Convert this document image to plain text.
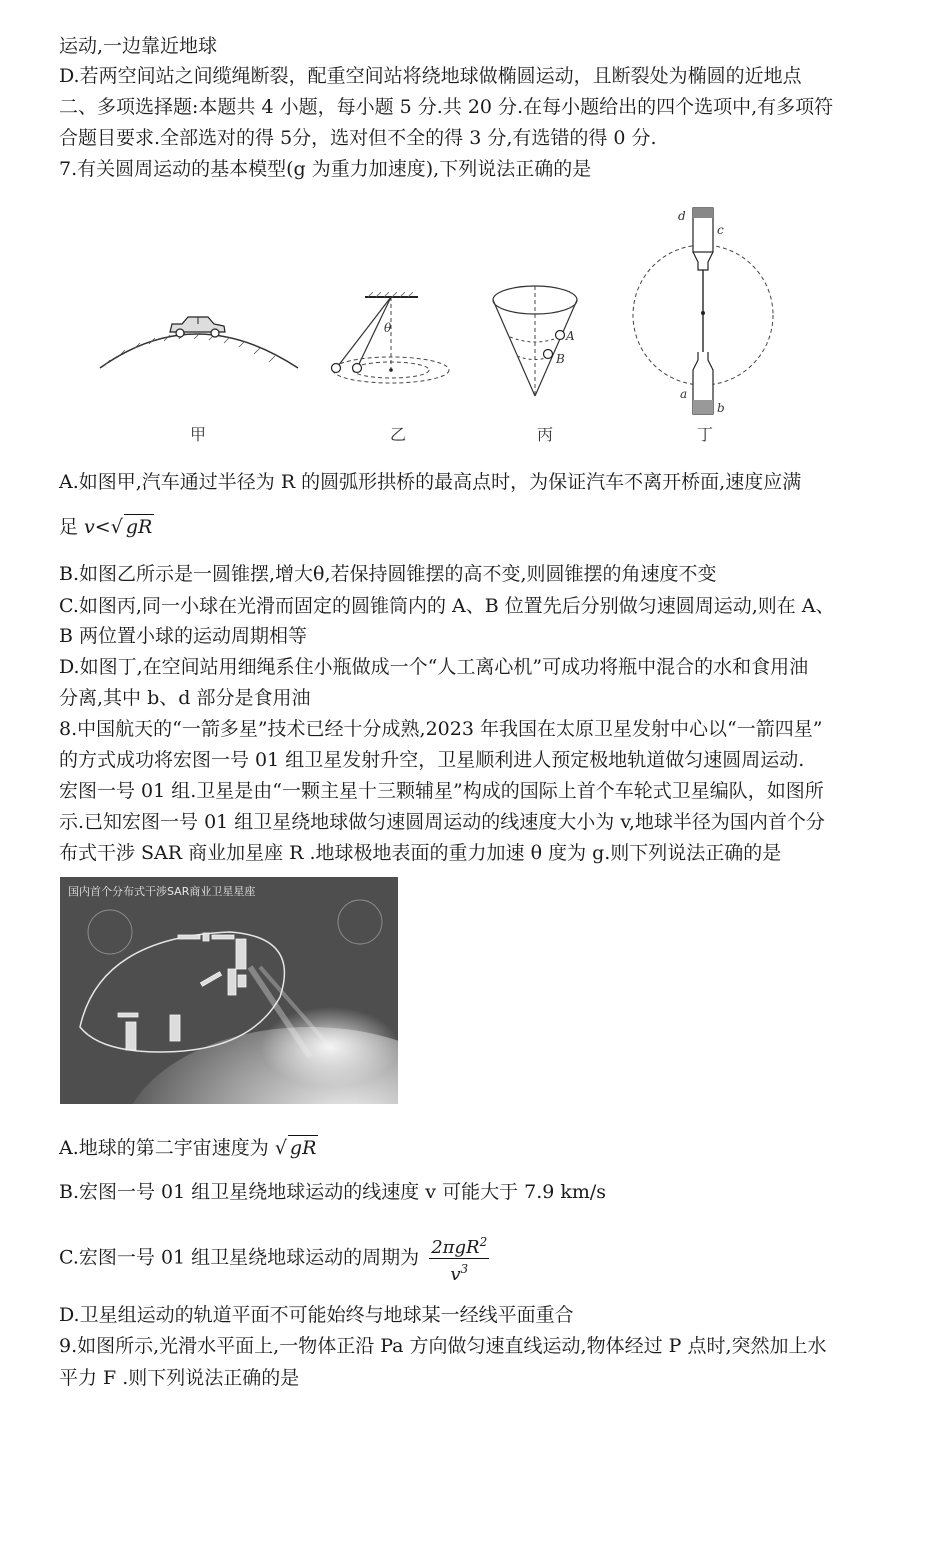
运动,一边靠近地球
D.若两空间站之间缆绳断裂，配重空间站将绕地球做椭圆运动，且断裂处为椭圆的近地点
二、多项选择题:本题共 4 小题，每小题 5 分.共 20 分.在每小题给出的四个选项中,有多项符
合题目要求.全部选对的得 5分，选对但不全的得 3 分,有选错的得 0 分.
7.有关圆周运动的基本模型(g 为重力加速度),下列说法正确的是
θ
A
B
d
c
a
b
甲	乙	丙	丁
A.如图甲,汽车通过半径为 R 的圆弧形拱桥的最高点时，为保证汽车不离开桥面,速度应满
足 v<√ gR
B.如图乙所示是一圆锥摆,增大θ,若保持圆锥摆的高不变,则圆锥摆的角速度不变
C.如图丙,同一小球在光滑而固定的圆锥筒内的 A、B 位置先后分别做匀速圆周运动,则在 A、
B 两位置小球的运动周期相等
D.如图丁,在空间站用细绳系住小瓶做成一个“人工离心机”可成功将瓶中混合的水和食用油
分离,其中 b、d 部分是食用油
8.中国航天的“一箭多星”技术已经十分成熟,2023 年我国在太原卫星发射中心以“一箭四星”
的方式成功将宏图一号 01 组卫星发射升空，卫星顺利进人预定极地轨道做匀速圆周运动.
宏图一号 01 组.卫星是由“一颗主星十三颗辅星”构成的国际上首个车轮式卫星编队，如图所
示.已知宏图一号 01 组卫星绕地球做匀速圆周运动的线速度大小为 v,地球半径为国内首个分
布式干涉 SAR 商业加星座 R .地球极地表面的重力加速 θ 度为 g.则下列说法正确的是
国内首个分布式干涉SAR商业卫星星座
A.地球的第二宇宙速度为 √ gR
B.宏图一号 01 组卫星绕地球运动的线速度 v 可能大于 7.9 km/s
C.宏图一号 01 组卫星绕地球运动的周期为 $\frac{2\pi gR^2}{v^3}$
D.卫星组运动的轨道平面不可能始终与地球某一经线平面重合
9.如图所示,光滑水平面上,一物体正沿 Pa 方向做匀速直线运动,物体经过 P 点时,突然加上水
平力 F .则下列说法正确的是
